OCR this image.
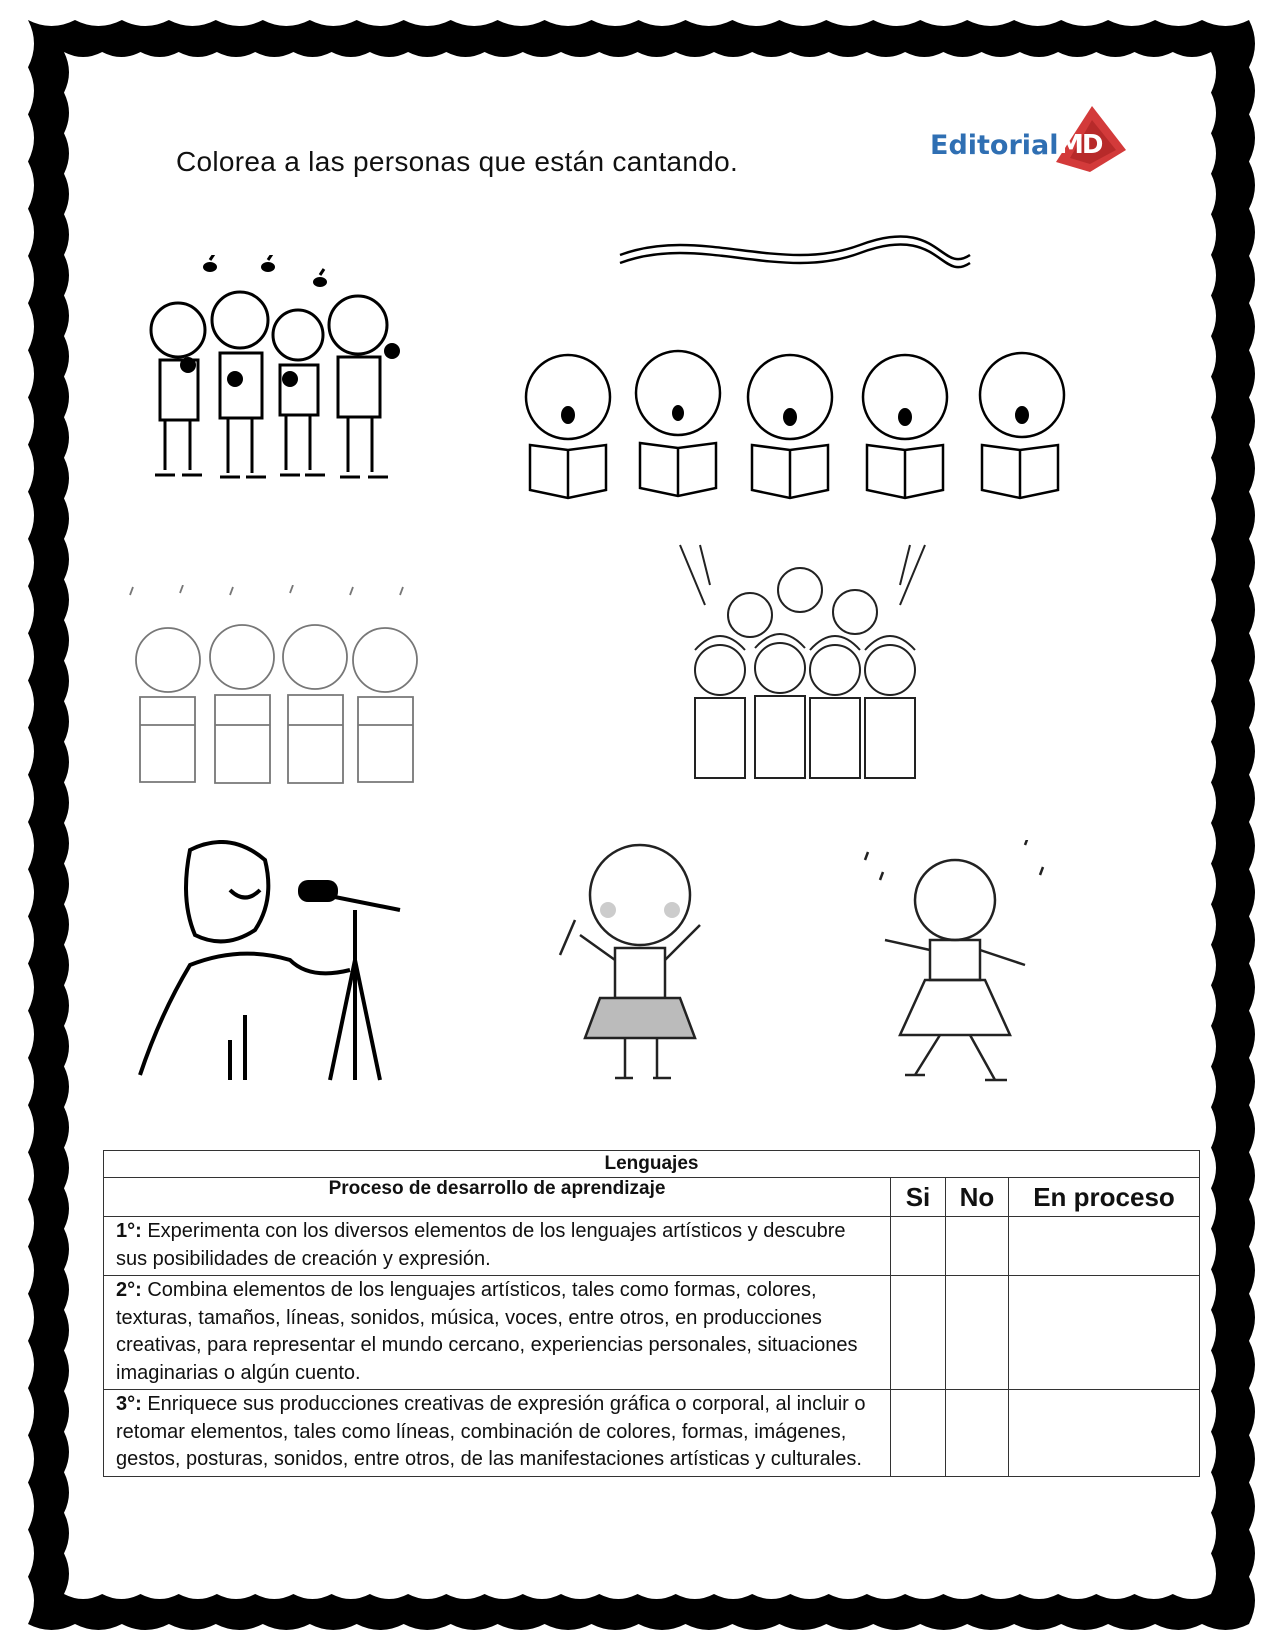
Colorea a las personas que están cantando.
Editorial MD
Lenguajes			
Proceso de desarrollo de aprendizaje	Si	No	En proceso
1°: Experimenta con los diversos elementos de los lenguajes artísticos y descubre sus posibilidades de creación y expresión.			
2°: Combina elementos de los lenguajes artísticos, tales como formas, colores, texturas, tamaños, líneas, sonidos, música, voces, entre otros, en producciones creativas, para representar el mundo cercano, experiencias personales, situaciones imaginarias o algún cuento.			
3°: Enriquece sus producciones creativas de expresión gráfica o corporal, al incluir o retomar elementos, tales como líneas, combinación de colores, formas, imágenes, gestos, posturas, sonidos, entre otros, de las manifestaciones artísticas y culturales.			
